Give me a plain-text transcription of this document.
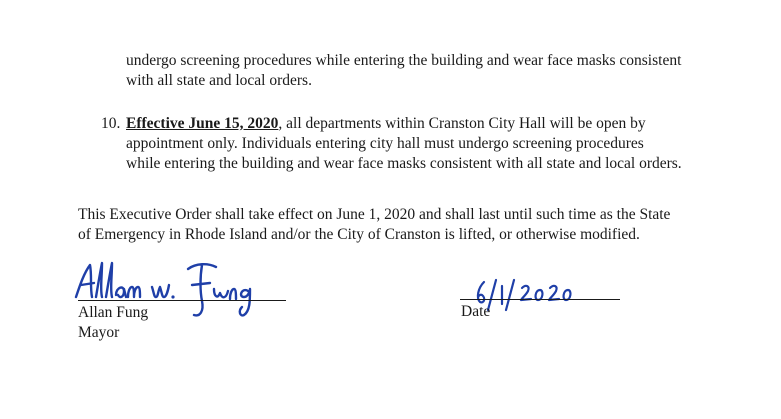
undergo screening procedures while entering the building and wear face masks consistent

with all state and local orders.

10. Effective June 15, 2020, all departments within Cranston City Hall will be open by

appointment only. Individuals entering city hall must undergo screening procedures

while entering the building and wear face masks consistent with all state and local orders.

This Executive Order shall take effect on June 1, 2020 and shall last until such time as the State

of Emergency in Rhode Island and/or the City of Cranston is lifted, or otherwise modified.

Allan Fung

Mayor

Date
